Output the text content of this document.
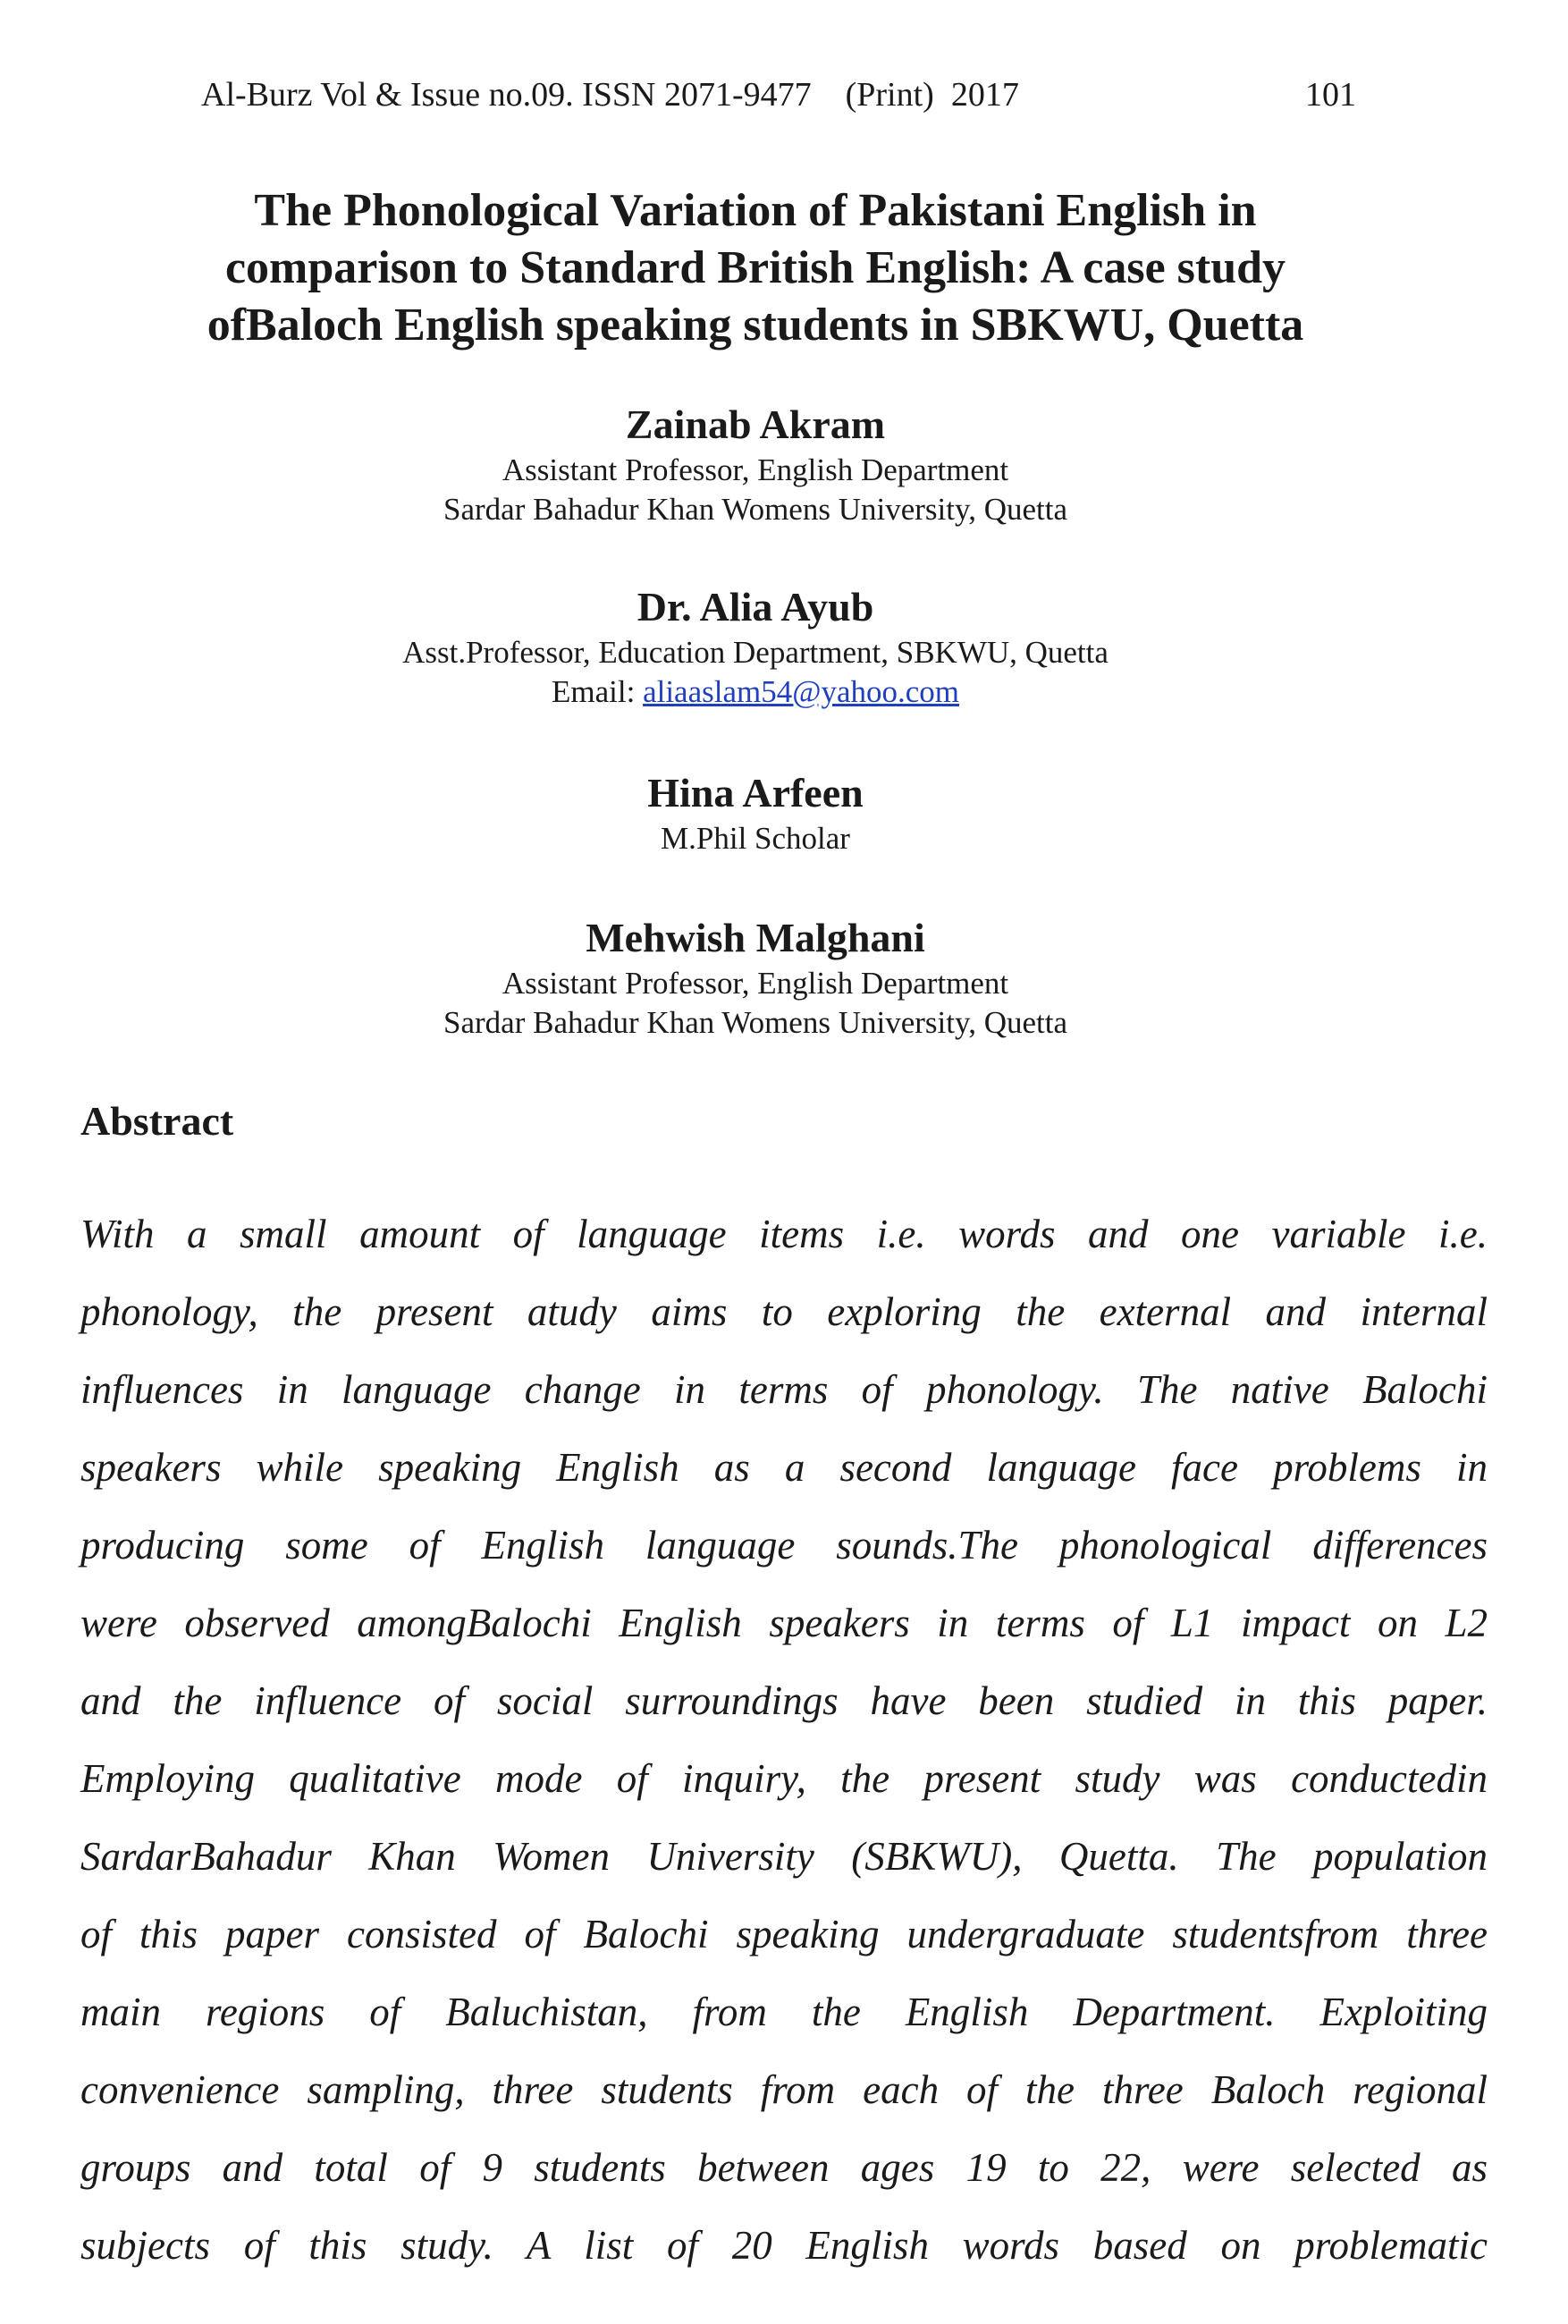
Al-Burz Vol & Issue no.09. ISSN 2071-9477    (Print)  2017	101
The Phonological Variation of Pakistani English in
comparison to Standard British English: A case study
ofBaloch English speaking students in SBKWU, Quetta
Zainab Akram
Assistant Professor, English Department
Sardar Bahadur Khan Womens University, Quetta
Dr. Alia Ayub
Asst.Professor, Education Department, SBKWU, Quetta
Email: aliaaslam54@yahoo.com
Hina Arfeen
M.Phil Scholar
Mehwish Malghani
Assistant Professor, English Department
Sardar Bahadur Khan Womens University, Quetta
Abstract
With a small amount of language items i.e. words and one variable i.e.
phonology, the present atudy aims to exploring the external and internal
influences in language change in terms of phonology. The native Balochi
speakers while speaking English as a second language face problems in
producing some of English language sounds.The phonological differences
were observed amongBalochi English speakers in terms of L1 impact on L2
and the influence of social surroundings have been studied in this paper.
Employing qualitative mode of inquiry, the present study was conductedin
SardarBahadur Khan Women University (SBKWU), Quetta. The population
of this paper consisted of Balochi speaking undergraduate studentsfrom three
main regions of Baluchistan, from the English Department. Exploiting
convenience sampling, three students from each of the three Baloch regional
groups and total of 9 students between ages 19 to 22, were selected as
subjects of this study. A list of 20 English words based on problematic
